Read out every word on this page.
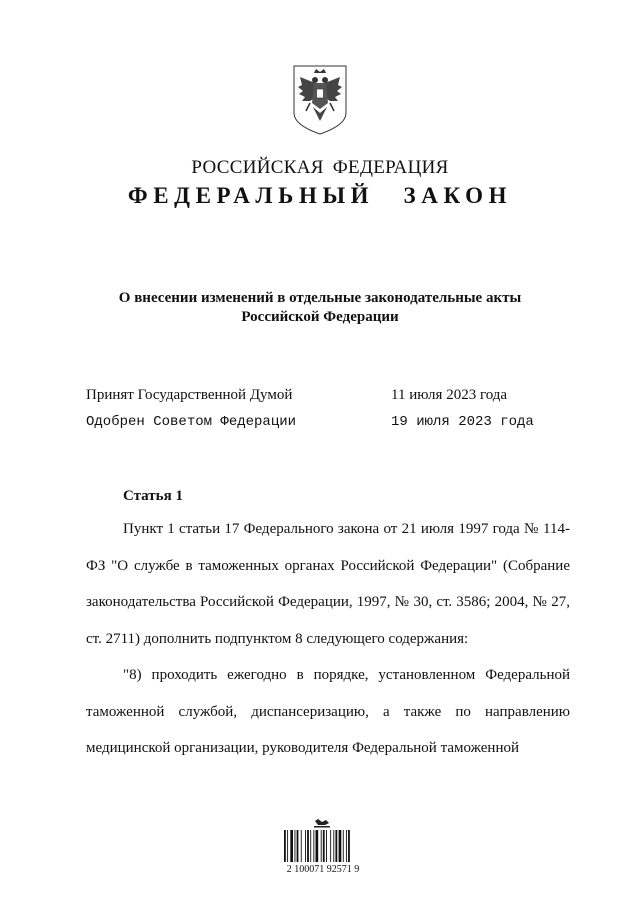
РОССИЙСКАЯ ФЕДЕРАЦИЯ
ФЕДЕРАЛЬНЫЙ ЗАКОН
О внесении изменений в отдельные законодательные акты
Российской Федерации
Принят Государственной Думой	11 июля 2023 года
Одобрен Советом Федерации	19 июля 2023 года
Статья 1

Пункт 1 статьи 17 Федерального закона от 21 июля 1997 года № 114-ФЗ "О службе в таможенных органах Российской Федерации" (Собрание законодательства Российской Федерации, 1997, № 30, ст. 3586; 2004, № 27, ст. 2711) дополнить подпунктом 8 следующего содержания:

"8) проходить ежегодно в порядке, установленном Федеральной таможенной службой, диспансеризацию, а также по направлению медицинской организации, руководителя Федеральной таможенной

2 100071 92571 9
